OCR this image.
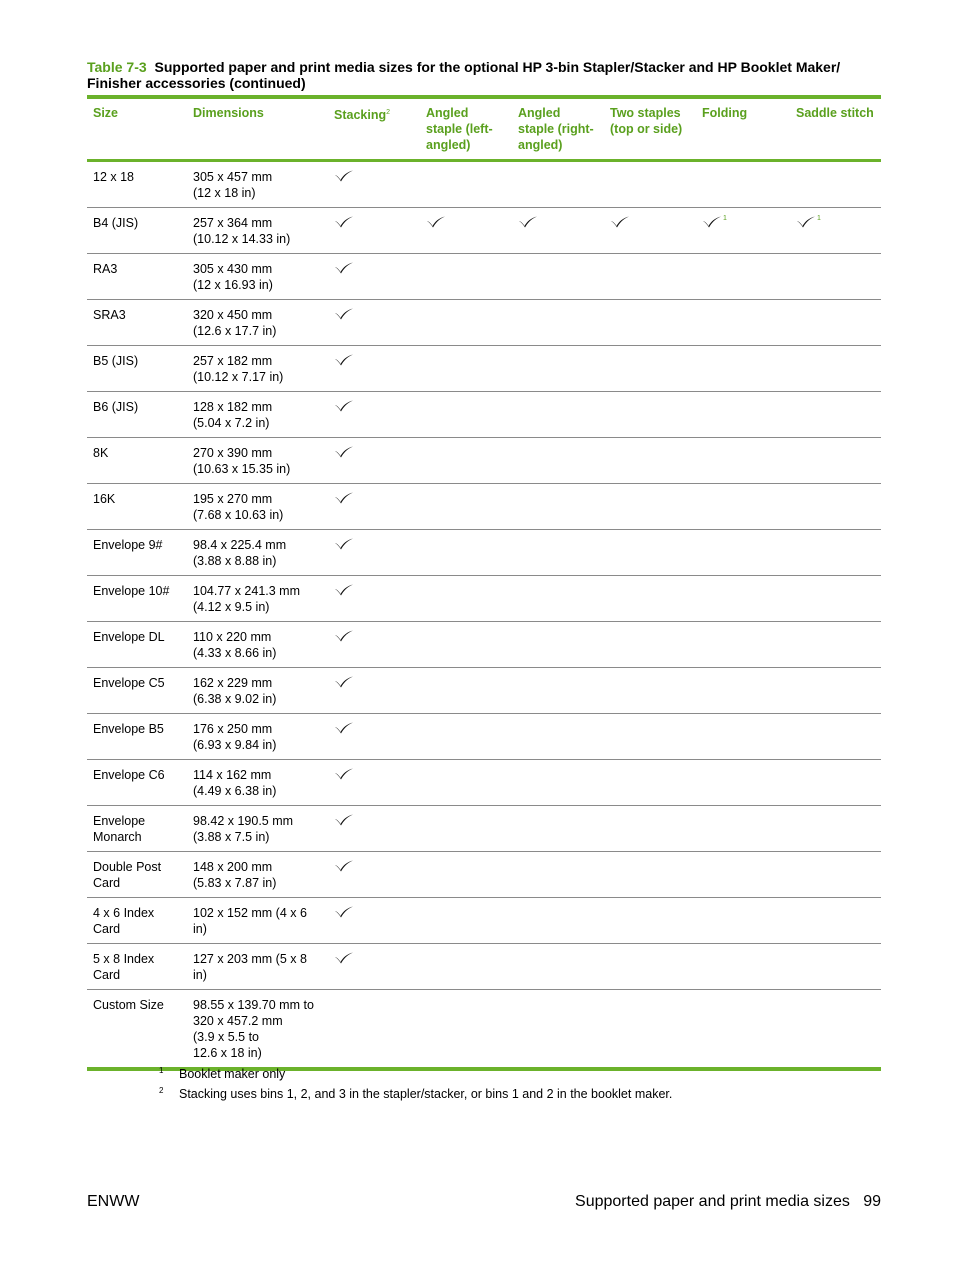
Table 7-3 Supported paper and print media sizes for the optional HP 3-bin Stapler/Stacker and HP Booklet Maker/ Finisher accessories (continued)
Size	Dimensions	Stacking$^2$	Angled staple (left-angled)	Angled staple (right-angled)	Two staples (top or side)	Folding	Saddle stitch

12 x 18	305 x 457 mm
(12 x 18 in)

B4 (JIS)	257 x 364 mm
(10.12 x 14.33 in)					$^1$	$^1$

RA3	305 x 430 mm
(12 x 16.93 in)

SRA3	320 x 450 mm
(12.6 x 17.7 in)

B5 (JIS)	257 x 182 mm
(10.12 x 7.17 in)

B6 (JIS)	128 x 182 mm
(5.04 x 7.2 in)

8K	270 x 390 mm
(10.63 x 15.35 in)

16K	195 x 270 mm
(7.68 x 10.63 in)

Envelope 9#	98.4 x 225.4 mm
(3.88 x 8.88 in)

Envelope 10#	104.77 x 241.3 mm
(4.12 x 9.5 in)

Envelope DL	110 x 220 mm
(4.33 x 8.66 in)

Envelope C5	162 x 229 mm
(6.38 x 9.02 in)

Envelope B5	176 x 250 mm
(6.93 x 9.84 in)

Envelope C6	114 x 162 mm
(4.49 x 6.38 in)

Envelope
Monarch	98.42 x 190.5 mm
(3.88 x 7.5 in)

Double Post
Card	148 x 200 mm
(5.83 x 7.87 in)

4 x 6 Index
Card	102 x 152 mm (4 x 6 in)

5 x 8 Index
Card	127 x 203 mm (5 x 8 in)

Custom Size	98.55 x 139.70 mm to
320 x 457.2 mm
(3.9 x 5.5 to
12.6 x 18 in)						

1	Booklet maker only
2	Stacking uses bins 1, 2, and 3 in the stapler/stacker, or bins 1 and 2 in the booklet maker.
ENWW	Supported paper and print media sizes   99
